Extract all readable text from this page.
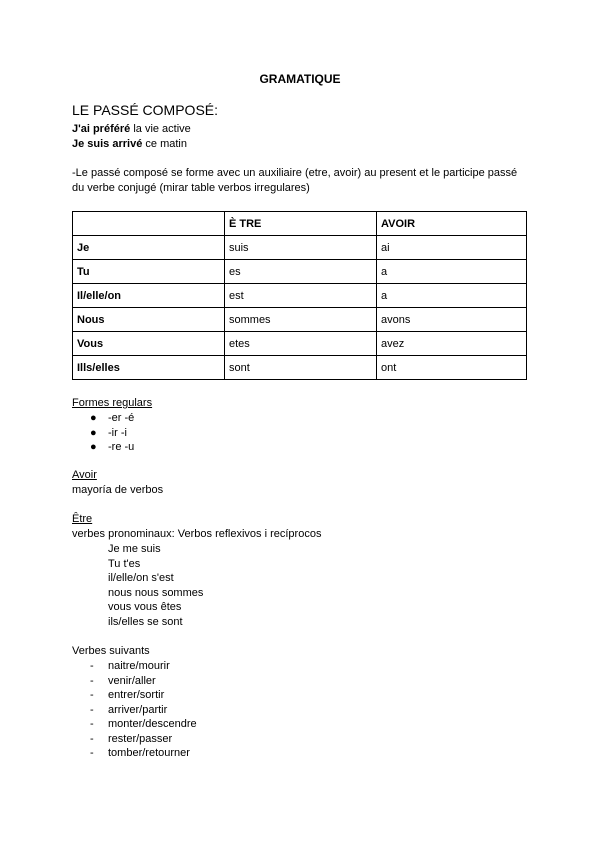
GRAMATIQUE
LE PASSÉ COMPOSÉ:
J'ai préféré la vie active
Je suis arrivé ce matin
-Le passé composé se forme avec un auxiliaire (etre, avoir) au present et le participe passé
du verbe conjugé (mirar table verbos irregulares)
	È TRE	AVOIR
Je	suis	ai
Tu	es	a
Il/elle/on	est	a
Nous	sommes	avons
Vous	etes	avez
Ills/elles	sont	ont
Formes regulars
● -er -é
● -ir -i
● -re -u
Avoir
mayoría de verbos
Ȇtre
verbes pronominaux: Verbos reflexivos i recíprocos
Je me suis
Tu t'es
il/elle/on s'est
nous nous sommes
vous vous êtes
ils/elles se sont
Verbes suivants
- naitre/mourir
- venir/aller
- entrer/sortir
- arriver/partir
- monter/descendre
- rester/passer
- tomber/retourner
